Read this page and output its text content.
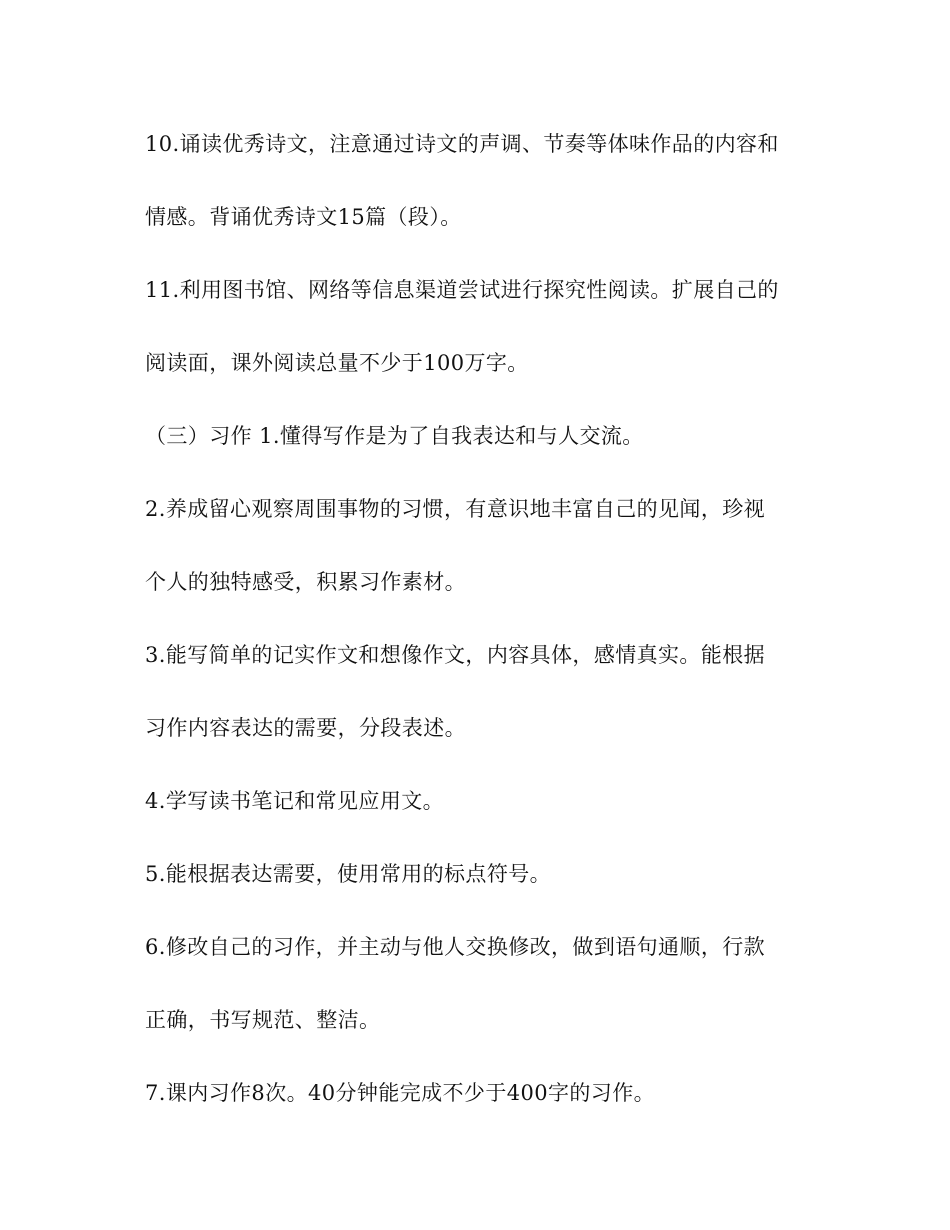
10.诵读优秀诗文，注意通过诗文的声调、节奏等体味作品的内容和
情感。背诵优秀诗文15篇（段）。
11.利用图书馆、网络等信息渠道尝试进行探究性阅读。扩展自己的
阅读面，课外阅读总量不少于100万字。
（三）习作 1.懂得写作是为了自我表达和与人交流。
2.养成留心观察周围事物的习惯，有意识地丰富自己的见闻，珍视
个人的独特感受，积累习作素材。
3.能写简单的记实作文和想像作文，内容具体，感情真实。能根据
习作内容表达的需要，分段表述。
4.学写读书笔记和常见应用文。
5.能根据表达需要，使用常用的标点符号。
6.修改自己的习作，并主动与他人交换修改，做到语句通顺，行款
正确，书写规范、整洁。
7.课内习作8次。40分钟能完成不少于400字的习作。
